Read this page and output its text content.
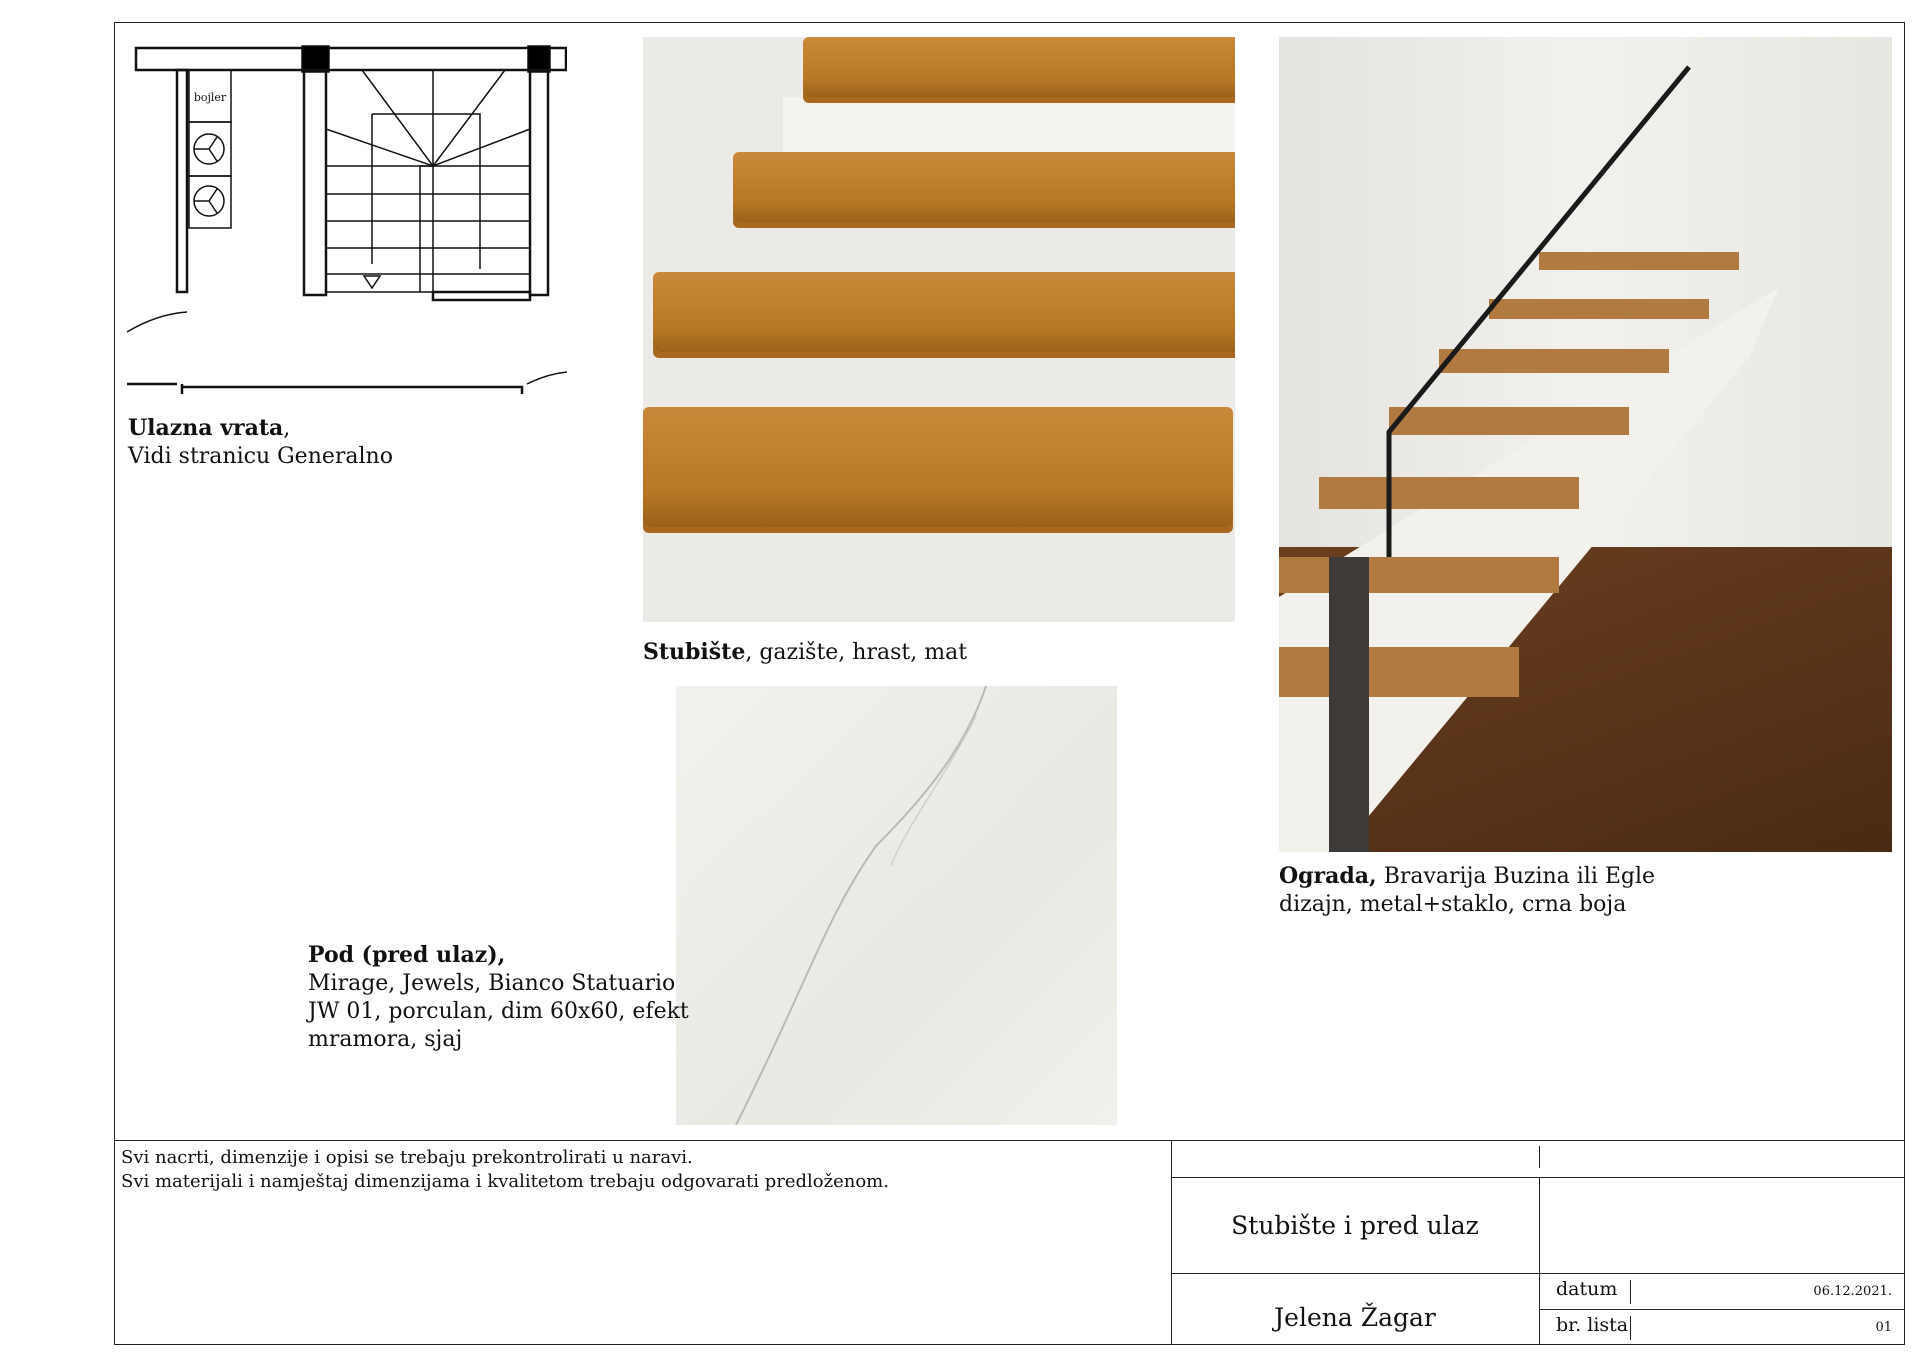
bojler
Ulazna vrata,
Vidi stranicu Generalno
Stubište, gazište, hrast, mat
Pod (pred ulaz),
Mirage, Jewels, Bianco Statuario
JW 01, porculan, dim 60x60, efekt
mramora, sjaj
Ograda, Bravarija Buzina ili Egle
dizajn, metal+staklo, crna boja
Svi nacrti, dimenzije i opisi se trebaju prekontrolirati u naravi.
Svi materijali i namještaj dimenzijama i kvalitetom trebaju odgovarati predloženom.
Stubište i pred ulaz
Jelena Žagar
datum	06.12.2021.
br. lista	01
